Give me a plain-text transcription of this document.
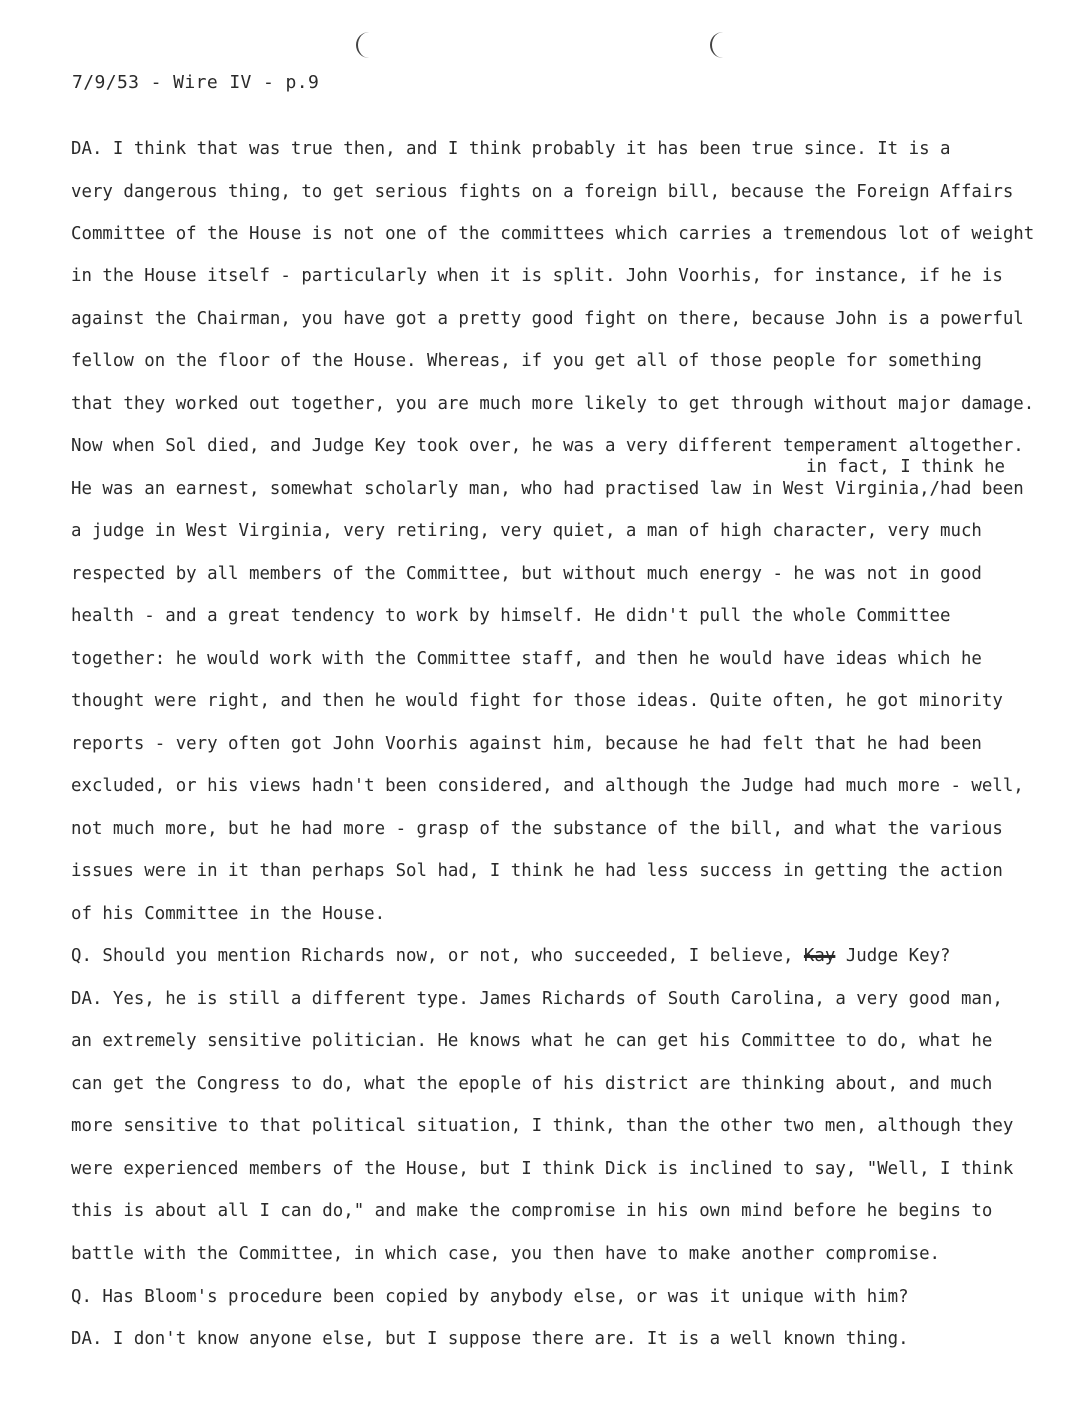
7/9/53 - Wire IV - p.9
in fact, I think he
DA. I think that was true then, and I think probably it has been true since. It is a
very dangerous thing, to get serious fights on a foreign bill, because the Foreign Affairs
Committee of the House is not one of the committees which carries a tremendous lot of weight
in the House itself - particularly when it is split. John Voorhis, for instance, if he is
against the Chairman, you have got a pretty good fight on there, because John is a powerful
fellow on the floor of the House. Whereas, if you get all of those people for something
that they worked out together, you are much more likely to get through without major damage.
Now when Sol died, and Judge Key took over, he was a very different temperament altogether.
He was an earnest, somewhat scholarly man, who had practised law in West Virginia,/had been
a judge in West Virginia, very retiring, very quiet, a man of high character, very much
respected by all members of the Committee, but without much energy - he was not in good
health - and a great tendency to work by himself. He didn't pull the whole Committee
together: he would work with the Committee staff, and then he would have ideas which he
thought were right, and then he would fight for those ideas. Quite often, he got minority
reports - very often got John Voorhis against him, because he had felt that he had been
excluded, or his views hadn't been considered, and although the Judge had much more - well,
not much more, but he had more - grasp of the substance of the bill, and what the various
issues were in it than perhaps Sol had, I think he had less success in getting the action
of his Committee in the House.
Q. Should you mention Richards now, or not, who succeeded, I believe, Kay Judge Key?
DA. Yes, he is still a different type. James Richards of South Carolina, a very good man,
an extremely sensitive politician. He knows what he can get his Committee to do, what he
can get the Congress to do, what the epople of his district are thinking about, and much
more sensitive to that political situation, I think, than the other two men, although they
were experienced members of the House, but I think Dick is inclined to say, "Well, I think
this is about all I can do," and make the compromise in his own mind before he begins to
battle with the Committee, in which case, you then have to make another compromise.
Q. Has Bloom's procedure been copied by anybody else, or was it unique with him?
DA. I don't know anyone else, but I suppose there are. It is a well known thing.
